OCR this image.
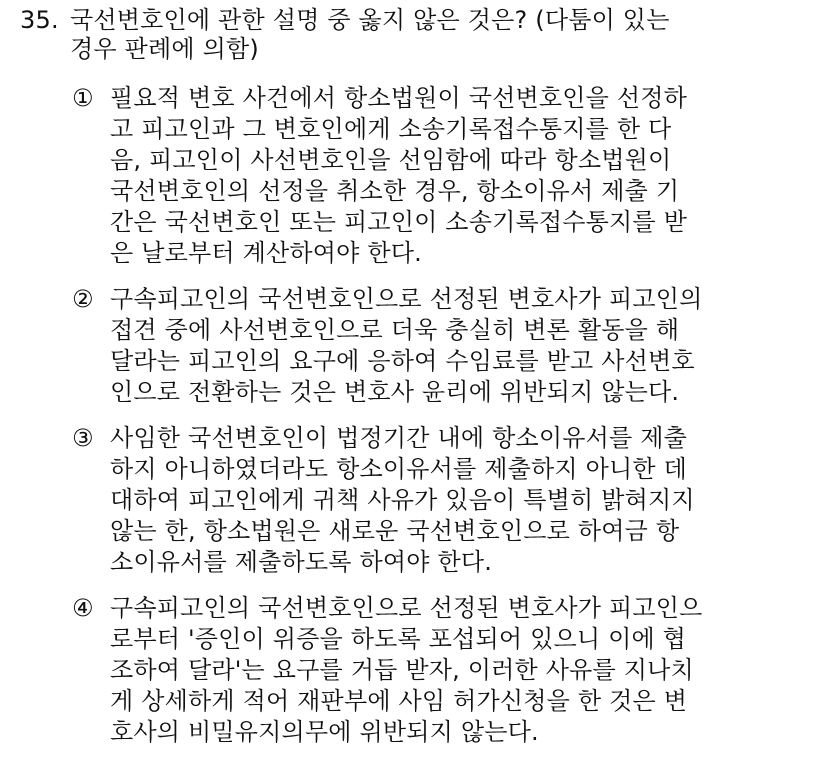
35. 국선변호인에 관한 설명 중 옳지 않은 것은? (다툼이 있는
경우 판례에 의함)
① 필요적 변호 사건에서 항소법원이 국선변호인을 선정하
고 피고인과 그 변호인에게 소송기록접수통지를 한 다
음, 피고인이 사선변호인을 선임함에 따라 항소법원이
국선변호인의 선정을 취소한 경우, 항소이유서 제출 기
간은 국선변호인 또는 피고인이 소송기록접수통지를 받
은 날로부터 계산하여야 한다.
② 구속피고인의 국선변호인으로 선정된 변호사가 피고인의
접견 중에 사선변호인으로 더욱 충실히 변론 활동을 해
달라는 피고인의 요구에 응하여 수임료를 받고 사선변호
인으로 전환하는 것은 변호사 윤리에 위반되지 않는다.
③ 사임한 국선변호인이 법정기간 내에 항소이유서를 제출
하지 아니하였더라도 항소이유서를 제출하지 아니한 데
대하여 피고인에게 귀책 사유가 있음이 특별히 밝혀지지
않는 한, 항소법원은 새로운 국선변호인으로 하여금 항
소이유서를 제출하도록 하여야 한다.
④ 구속피고인의 국선변호인으로 선정된 변호사가 피고인으
로부터 '증인이 위증을 하도록 포섭되어 있으니 이에 협
조하여 달라'는 요구를 거듭 받자, 이러한 사유를 지나치
게 상세하게 적어 재판부에 사임 허가신청을 한 것은 변
호사의 비밀유지의무에 위반되지 않는다.
